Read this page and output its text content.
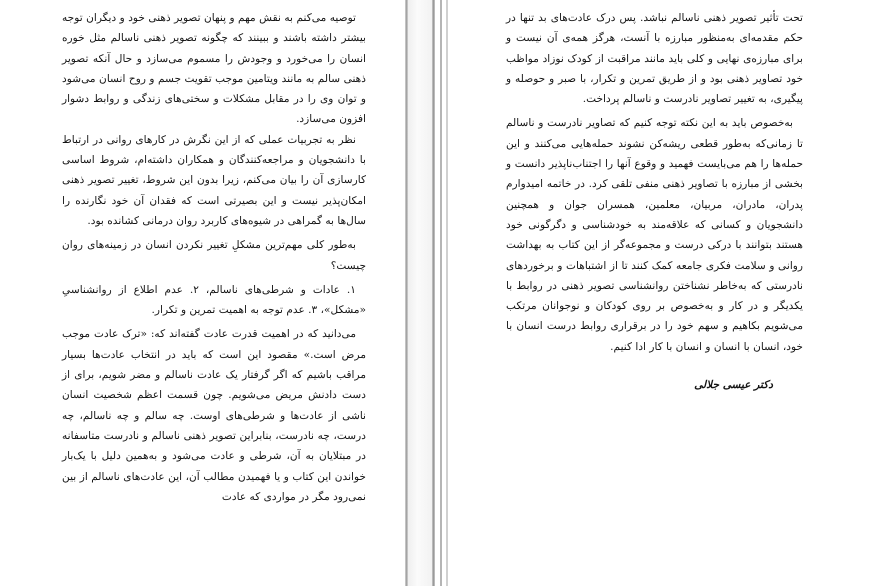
توصیه می‌کنم به نقش مهم و پنهان تصویر ذهنی خود و دیگران توجه بیشتر داشته باشند و ببینند که چگونه تصویر ذهنی ناسالم مثل خوره انسان را می‌خورد و وجودش را مسموم می‌سازد و حال آنکه تصویر ذهنی سالم به مانند ویتامین موجب تقویت جسم و روح انسان می‌شود و توان وی را در مقابل مشکلات و سختی‌های زندگی و روابط دشوار افزون می‌سازد.

نظر به تجربیات عملی که از این نگرش در کارهای روانی در ارتباط با دانشجویان و مراجعه‌کنندگان و همکاران داشته‌ام، شروط اساسی کارسازی آن را بیان می‌کنم، زیرا بدون این شروط، تغییر تصویر ذهنی امکان‌پذیر نیست و این بصیرتی است که فقدان آن خود نگارنده را سال‌ها به گمراهی در شیوه‌های کاربرد روان درمانی کشانده بود.

به‌طور کلی مهم‌ترین مشکلِ تغییر نکردن انسان در زمینه‌های روان چیست؟

۱. عادات و شرطی‌های ناسالم، ۲. عدم اطلاع از روانشناسیِ «مشکل»، ۳. عدم توجه به اهمیت تمرین و تکرار.

می‌دانید که در اهمیت قدرت عادت گفته‌اند که: «ترک عادت موجب مرض است.» مقصود این است که باید در انتخاب عادت‌ها بسیار مراقب باشیم که اگر گرفتار یک عادت ناسالم و مضر شویم، برای از دست دادنش مریض می‌شویم. چون قسمت اعظم شخصیت انسان ناشی از عادت‌ها و شرطی‌های اوست. چه سالم و چه ناسالم، چه درست، چه نادرست، بنابراین تصویر ذهنی ناسالم و نادرست متاسفانه در مبتلایان به آن، شرطی و عادت می‌شود و به‌همین دلیل با یک‌بار خواندن این کتاب و یا فهمیدن مطالب آن، این عادت‌های ناسالم از بین نمی‌رود مگر در مواردی که عادت

تحت تأثیر تصویر ذهنی ناسالم نباشد. پس درک عادت‌های بد تنها در حکم مقدمه‌ای به‌منظور مبارزه با آنست، هرگز همه‌ی آن نیست و برای مبارزه‌ی نهایی و کلی باید مانند مراقبت از کودک نوزاد مواظب خود تصاویر ذهنی بود و از طریق تمرین و تکرار، با صبر و حوصله و پیگیری، به تغییر تصاویر نادرست و ناسالم پرداخت.

به‌خصوص باید به این نکته توجه کنیم که تصاویر نادرست و ناسالم تا زمانی‌که به‌طور قطعی ریشه‌کن نشوند حمله‌هایی می‌کنند و این حمله‌ها را هم می‌بایست فهمید و وقوع آنها را اجتناب‌ناپذیر دانست و بخشی از مبارزه با تصاویر ذهنی منفی تلقی کرد. در خاتمه امیدوارم پدران، مادران، مربیان، معلمین، همسران جوان و همچنین دانشجویان و کسانی که علاقه‌مند به خودشناسی و دگرگونی خود هستند بتوانند با درکی درست و مجموعه‌گر از این کتاب به بهداشت روانی و سلامت فکری جامعه کمک کنند تا از اشتباهات و برخوردهای نادرستی که به‌خاطر نشناختن روانشناسی تصویر ذهنی در روابط با یکدیگر و در کار و به‌خصوص بر روی کودکان و نوجوانان مرتکب می‌شویم بکاهیم و سهم خود را در برقراری روابط درست انسان با خود، انسان با انسان و انسان با کار ادا کنیم.

دکتر عیسی جلالی
